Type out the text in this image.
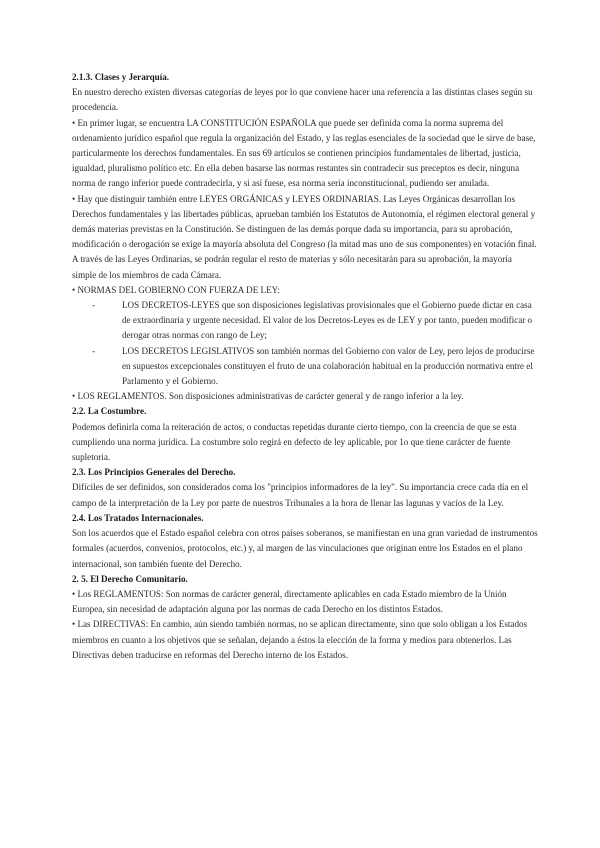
2.1.3. Clases y Jerarquía.

En nuestro derecho existen diversas categorías de leyes por lo que conviene hacer una referencia a las distintas clases según su procedencia.

• En primer lugar, se encuentra LA CONSTITUCIÓN ESPAÑOLA que puede ser definida coma la norma suprema del ordenamiento jurídico español que regula la organización del Estado, y las reglas esenciales de la sociedad que le sirve de base, particularmente los derechos fundamentales. En sus 69 artículos se contienen principios fundamentales de libertad, justicia, igualdad, pluralismo político etc. En ella deben basarse las normas restantes sin contradecir sus preceptos es decir, ninguna norma de rango inferior puede contradecirla, y si así fuese, esa norma sería inconstitucional, pudiendo ser anulada.

• Hay que distinguir también entre LEYES ORGÁNICAS y LEYES ORDINARIAS. Las Leyes Orgánicas desarrollan los Derechos fundamentales y las libertades públicas, aprueban también los Estatutos de Autonomía, el régimen electoral general y demás materias previstas en la Constitución. Se distinguen de las demás porque dada su importancia, para su aprobación, modificación o derogación se exige la mayoría absoluta del Congreso (la mitad mas uno de sus componentes) en votación final. A través de las Leyes Ordinarias, se podrán regular el resto de materias y sólo necesitarán para su aprobación, la mayoría simple de los miembros de cada Cámara.

• NORMAS DEL GOBIERNO CON FUERZA DE LEY:

-	LOS DECRETOS-LEYES que son disposiciones legislativas provisionales que el Gobierno puede dictar en casa de extraordinaria y urgente necesidad. El valor de los Decretos-Leyes es de LEY y por tanto, pueden modificar o derogar otras normas con rango de Ley;
-	LOS DECRETOS LEGISLATIVOS son también normas del Gobierno con valor de Ley, pero lejos de producirse en supuestos excepcionales constituyen el fruto de una colaboración habitual en la producción normativa entre el Parlamento y el Gobierno.

• LOS REGLAMENTOS. Son disposiciones administrativas de carácter general y de rango inferior a la ley.

2.2. La Costumbre.

Podemos definirla coma la reiteración de actos, o conductas repetidas durante cierto tiempo, con la creencia de que se esta cumpliendo una norma jurídica. La costumbre solo regirá en defecto de ley aplicable, por 1o que tiene carácter de fuente supletoria.

2.3. Los Principios Generales del Derecho.

Difíciles de ser definidos, son considerados coma los "principios informadores de la ley". Su importancia crece cada día en el campo de la interpretación de la Ley por parte de nuestros Tribunales a la hora de llenar las lagunas y vacíos de la Ley.

2.4. Los Tratados Internacionales.

Son los acuerdos que el Estado español celebra con otros países soberanos, se manifiestan en una gran variedad de instrumentos formales (acuerdos, convenios, protocolos, etc.) y, al margen de las vinculaciones que originan entre los Estados en el plano internacional, son también fuente del Derecho.

2. 5. El Derecho Comunitario.

• Los REGLAMENTOS: Son normas de carácter general, directamente aplicables en cada Estado miembro de la Unión Europea, sin necesidad de adaptación alguna por las normas de cada Derecho en los distintos Estados.

• Las DIRECTIVAS: En cambio, aún siendo también normas, no se aplican directamente, sino que solo obligan a los Estados miembros en cuanto a los objetivos que se señalan, dejando a éstos la elección de la forma y medios para obtenerlos. Las Directivas deben traducirse en reformas del Derecho interno de los Estados.
